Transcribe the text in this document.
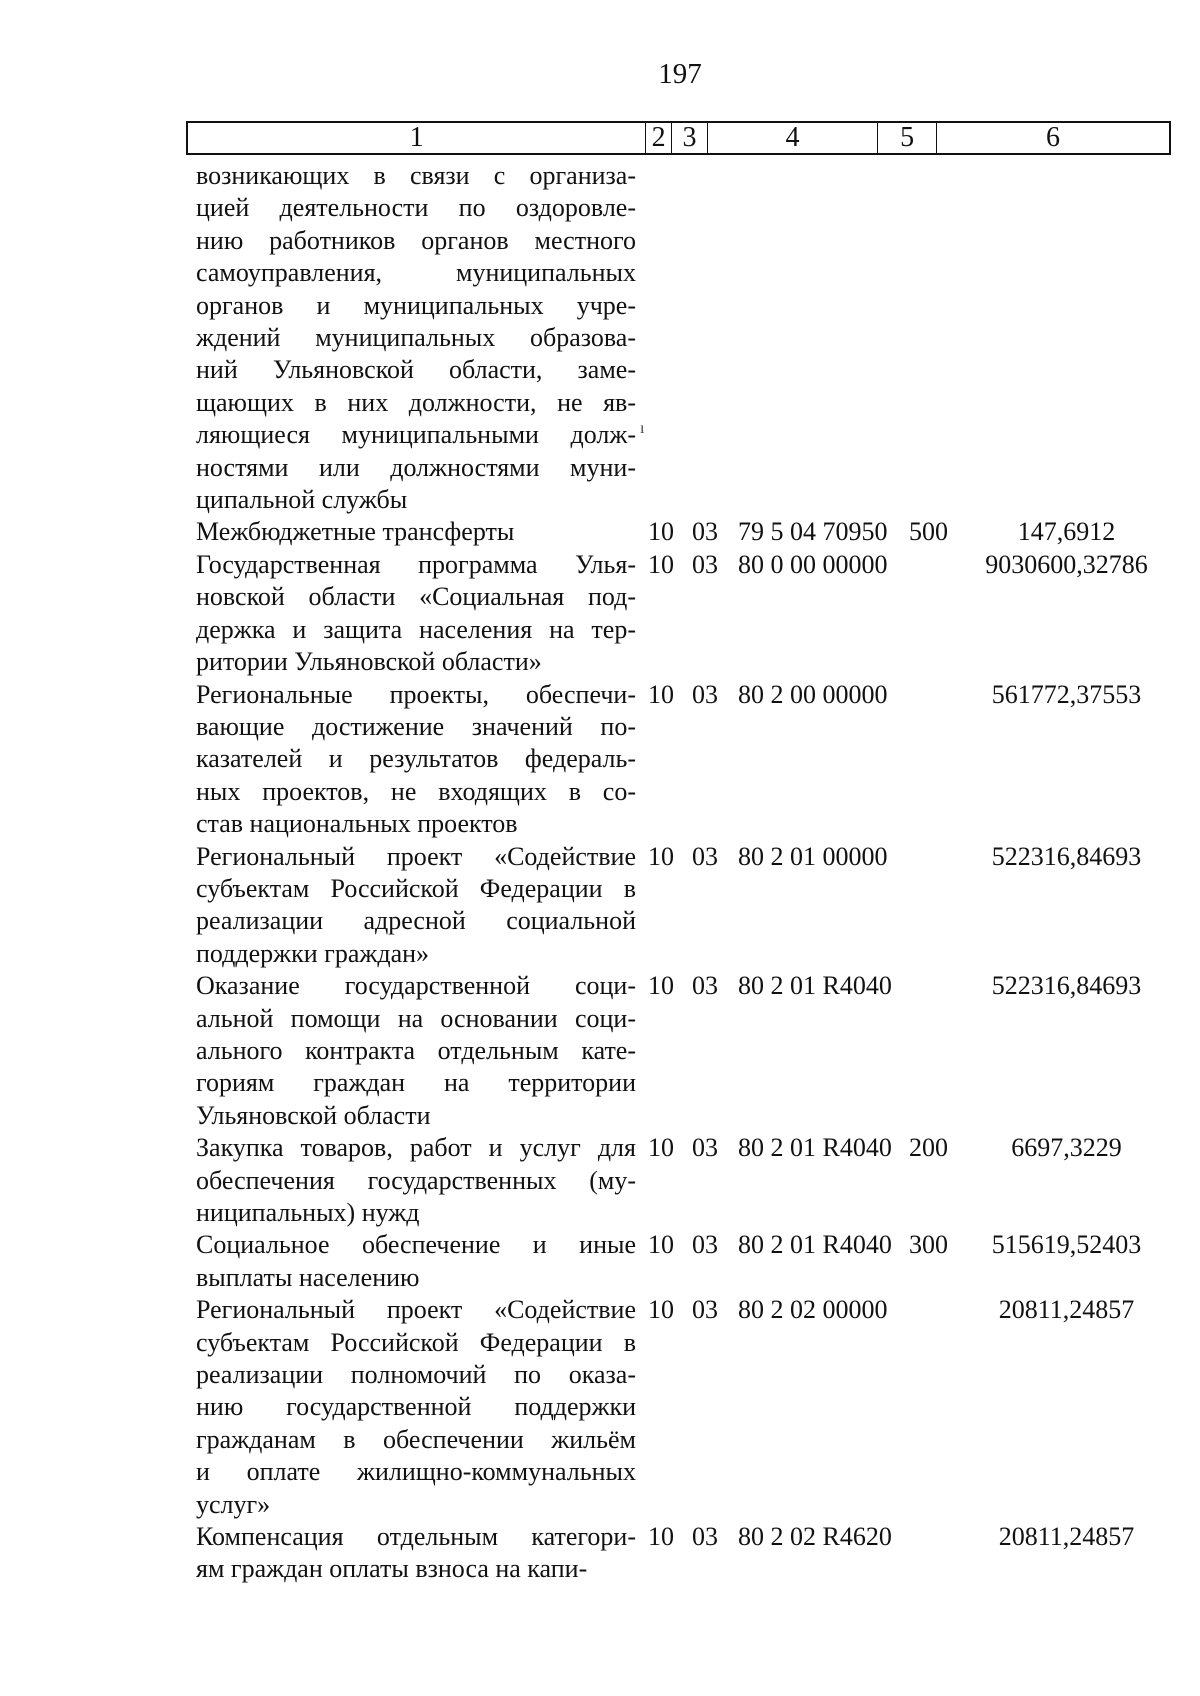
197
1	2 3	4	5	6
возникающих в связи с организа-
цией деятельности по оздоровле-
нию работников органов местного
самоуправления, муниципальных
органов и муниципальных учре-
ждений муниципальных образова-
ний Ульяновской области, заме-
щающих в них должности, не яв-
ляющиеся муниципальными долж-
ностями или должностями муни-
ципальной службы
Межбюджетные трансферты	10 03 79 5 04 70950 500	147,6912
Государственная программа Улья-
новской области «Социальная под-
держка и защита населения на тер-
ритории Ульяновской области»
10 03 80 0 00 00000	9030600,32786
Региональные проекты, обеспечи-
вающие достижение значений по-
казателей и результатов федераль-
ных проектов, не входящих в со-
став национальных проектов
10 03 80 2 00 00000	561772,37553
Региональный проект «Содействие
субъектам Российской Федерации в
реализации адресной социальной
поддержки граждан»
10 03 80 2 01 00000	522316,84693
Оказание государственной соци-
альной помощи на основании соци-
ального контракта отдельным кате-
гориям граждан на территории
Ульяновской области
10 03 80 2 01 R4040	522316,84693
Закупка товаров, работ и услуг для
обеспечения государственных (му-
ниципальных) нужд
10 03 80 2 01 R4040 200	6697,3229
Социальное обеспечение и иные
выплаты населению
10 03 80 2 01 R4040 300	515619,52403
Региональный проект «Содействие
субъектам Российской Федерации в
реализации полномочий по оказа-
нию государственной поддержки
гражданам в обеспечении жильём
и оплате жилищно-коммунальных
услуг»
10 03 80 2 02 00000	20811,24857
Компенсация отдельным категори-
ям граждан оплаты взноса на капи-
10 03 80 2 02 R4620	20811,24857
ı
